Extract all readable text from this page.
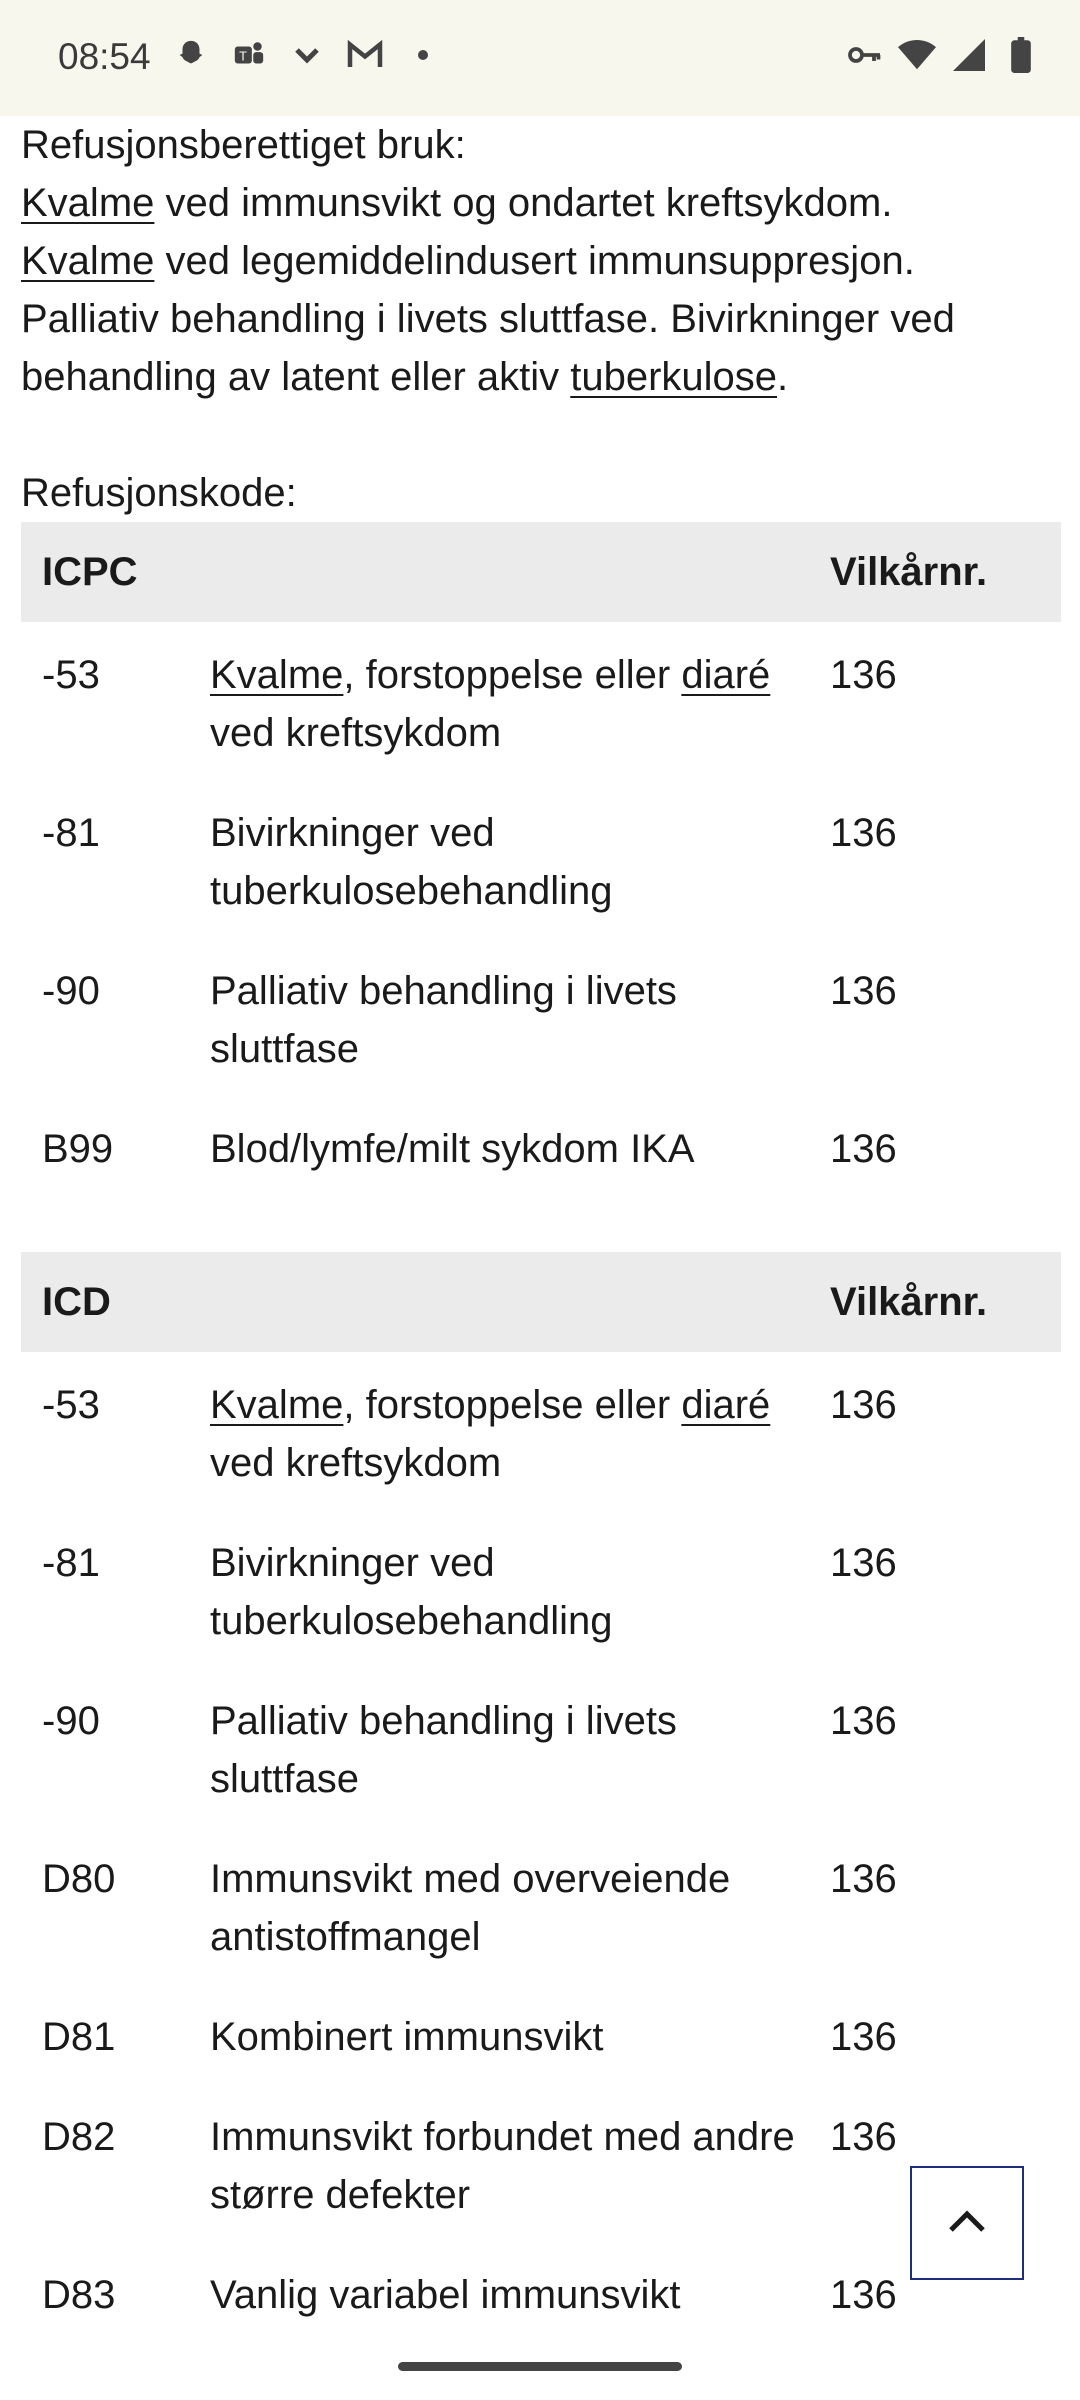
08:54	T

Refusjonsberettiget bruk:
Kvalme ved immunsvikt og ondartet kreftsykdom.
Kvalme ved legemiddelindusert immunsuppresjon. Palliativ behandling i livets sluttfase. Bivirkninger ved behandling av latent eller aktiv tuberkulose.

Refusjonskode:
ICPC		Vilkårnr.
-53	Kvalme, forstoppelse eller diaré ved kreftsykdom	136
-81	Bivirkninger ved tuberkulosebehandling	136
-90	Palliativ behandling i livets sluttfase	136
B99	Blod/lymfe/milt sykdom IKA	136
ICD		Vilkårnr.
-53	Kvalme, forstoppelse eller diaré ved kreftsykdom	136
-81	Bivirkninger ved tuberkulosebehandling	136
-90	Palliativ behandling i livets sluttfase	136
D80	Immunsvikt med overveiende antistoffmangel	136
D81	Kombinert immunsvikt	136
D82	Immunsvikt forbundet med andre større defekter	136
D83	Vanlig variabel immunsvikt	136
